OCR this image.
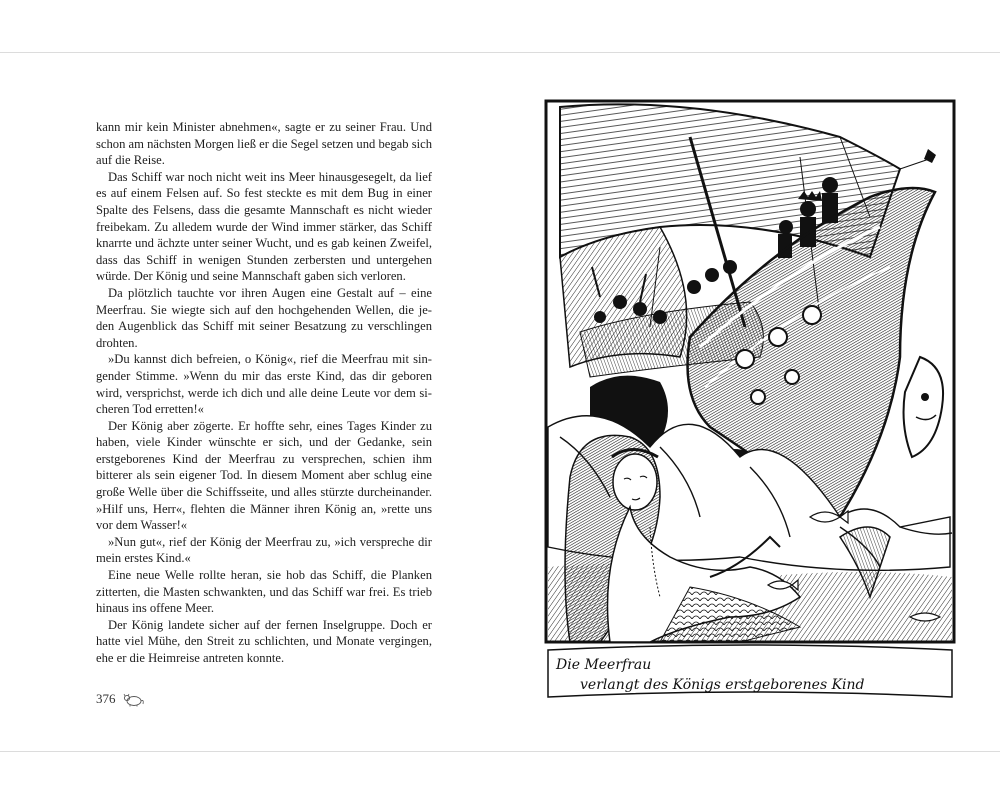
kann mir kein Minister abnehmen«, sagte er zu seiner Frau. Und schon am nächsten Morgen ließ er die Segel setzen und begab sich auf die Reise.

Das Schiff war noch nicht weit ins Meer hinausgesegelt, da lief es auf einem Felsen auf. So fest steckte es mit dem Bug in einer Spalte des Felsens, dass die gesamte Mannschaft es nicht wieder freibekam. Zu alledem wurde der Wind immer stärker, das Schiff knarrte und ächzte unter seiner Wucht, und es gab keinen Zweifel, dass das Schiff in wenigen Stunden zerbersten und untergehen würde. Der König und seine Mannschaft gaben sich verloren.

Da plötzlich tauchte vor ihren Augen eine Gestalt auf – eine Meerfrau. Sie wiegte sich auf den hochgehenden Wellen, die jeden Augenblick das Schiff mit seiner Besatzung zu verschlingen drohten.

»Du kannst dich befreien, o König«, rief die Meerfrau mit singender Stimme. »Wenn du mir das erste Kind, das dir geboren wird, versprichst, werde ich dich und alle deine Leute vor dem sicheren Tod erretten!«

Der König aber zögerte. Er hoffte sehr, eines Tages Kinder zu haben, viele Kinder wünschte er sich, und der Gedanke, sein erstgeborenes Kind der Meerfrau zu versprechen, schien ihm bitterer als sein eigener Tod. In diesem Moment aber schlug eine große Welle über die Schiffsseite, und alles stürzte durcheinander. »Hilf uns, Herr«, flehten die Männer ihren König an, »rette uns vor dem Wasser!«

»Nun gut«, rief der König der Meerfrau zu, »ich verspreche dir mein erstes Kind.«

Eine neue Welle rollte heran, sie hob das Schiff, die Planken zitterten, die Masten schwankten, und das Schiff war frei. Es trieb hinaus ins offene Meer.

Der König landete sicher auf der fernen Inselgruppe. Doch er hatte viel Mühe, den Streit zu schlichten, und Monate vergingen, ehe er die Heimreise antreten konnte.

376
Die Meerfrau
verlangt des Königs erstgeborenes Kind
